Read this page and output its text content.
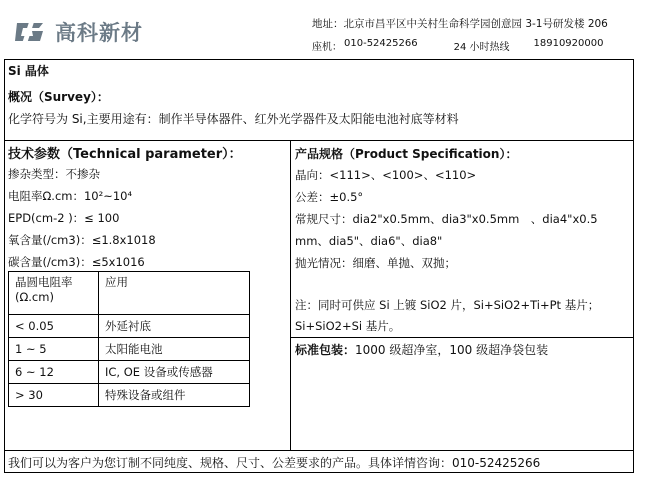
高科新材	地址：北京市昌平区中关村生命科学园创意园 3-1号研发楼 206
座机： 010-52425266	24 小时热线 18910920000
Si 晶体
概况（Survey）：
化学符号为 Si,主要用途有：制作半导体器件、红外光学器件及太阳能电池衬底等材料
技术参数（Technical parameter）：
掺杂类型：不掺杂
电阻率Ω.cm：10²~10⁴
EPD(cm-2 )：≤ 100
氧含量(/cm3)：≤1.8x1018
碳含量(/cm3)：≤5x1016
晶圆电阻率
(Ω.cm)	应用
< 0.05	外延衬底
1 ~ 5	太阳能电池
6 ~ 12	IC, OE 设备或传感器
> 30	特殊设备或组件
产品规格（Product Specification）：
晶向：<111>、<100>、<110>
公差：±0.5°
常规尺寸：dia2"x0.5mm、dia3"x0.5mm　、dia4"x0.5
mm、dia5"、dia6"、dia8"
抛光情况：细磨、单抛、双抛；
注：同时可供应 Si 上镀 SiO2 片，Si+SiO2+Ti+Pt 基片；
Si+SiO2+Si 基片。
标准包装：1000 级超净室，100 级超净袋包装
我们可以为客户为您订制不同纯度、规格、尺寸、公差要求的产品。具体详情咨询：010-52425266
